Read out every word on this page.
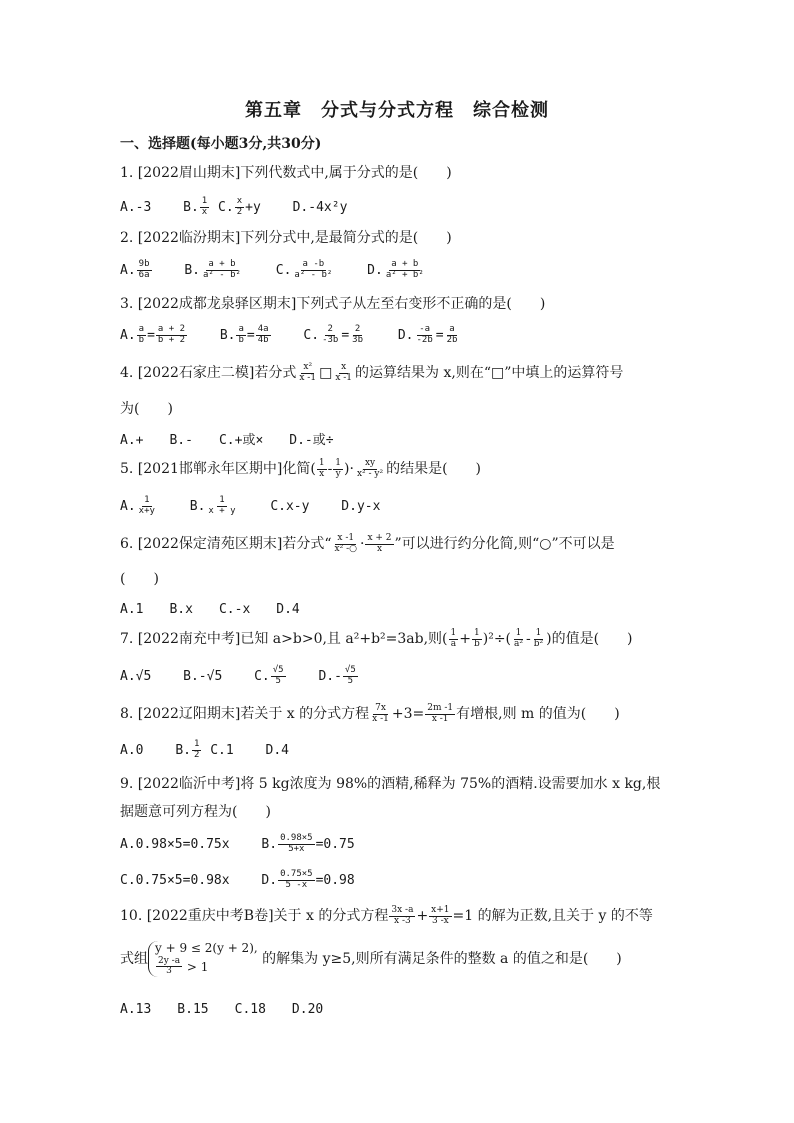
第五章　分式与分式方程　综合检测
一、选择题(每小题3分,共30分)
1. [2022眉山期末]下列代数式中,属于分式的是(　　)
A.-3 B. $\frac{1}{x} C$. $\frac{x}{2} +y$ D.-4x²y
2. [2022临汾期末]下列分式中,是最简分式的是(　　)
A. $\frac{9b}{6a}$	B. $\frac{a + b}{\text{a² - b²}}$	C. $\frac{a -b}{\text{a² - b²}}$	D. $\frac{a + b}{\text{a² + b²}}$
3. [2022成都龙泉驿区期末]下列式子从左至右变形不正确的是(　　)
A. $\frac{a}{b} = \frac{a + 2}{b + 2}$	B. $\frac{a}{b} = \frac{4a}{4b}$	C. $\frac{2}{-3b} = \frac{2}{3b}$	D. $\frac{-a}{-2b} = \frac{a}{2b}$
4. [2022石家庄二模]若分式 $\frac{\text{x²}}{x -1}$ □ $\frac{x}{x -1}$ 的运算结果为 x,则在“□”中填上的运算符号
为(　　)
A.+　　B.-　　C.+或×　　D.-或÷
5. [2021邯郸永年区期中]化简( $\frac{1}{x} - \frac{1}{y}$ )· $\frac{xy}{\text{x² - y²}}$ 的结果是(　　)
A. $\frac{1}{x+y}$	B. $\frac{1}{x + y}$	C.x-y D.y-x
6. [2022保定清苑区期末]若分式“ $\frac{x -1}{\text{x² -○}} \cdot \frac{x + 2}{x}$ ”可以进行约分化简,则“○”不可以是
(　　)
A.1　　B.x　　C.-x　　D.4
7. [2022南充中考]已知 a>b>0,且 a²+b²=3ab,则( $\frac{1}{a} + \frac{1}{b} )^2\div( \frac{1}{\text{a²}} - \frac{1}{\text{b²}}$ )的值是(　　)
A.√5 B.-√5 C. $\frac{√5}{5}$	$D.- \frac{√5}{5}$
8. [2022辽阳期末]若关于 x 的分式方程 $\frac{7x}{x -1} +3= \frac{2m -1}{x -1}$ 有增根,则 m 的值为(　　)
A.0 B. $\frac{1}{2} C.1$ D.4
9. [2022临沂中考]将 5 kg浓度为 98%的酒精,稀释为 75%的酒精.设需要加水 x kg,根
据题意可列方程为(　　)
A.0.98×5=0.75x B. $\frac{0.98\times 5}{5+x} =0.75$
C.0.75×5=0.98x D. $\frac{0.75\times 5}{5 -x} =0.98$
10. [2022重庆中考B卷]关于 x 的分式方程 $\frac{3x -a}{x -3} + \frac{x+1}{3 -x} =1$ 的解为正数,且关于 y 的不等
式组
y + 9 ≤ 2(y + 2),
$\frac{2y -a}{3} > 1$	的解集为 y≥5,则所有满足条件的整数 a 的值之和是(　　)
A.13　　B.15　　C.18　　D.20
